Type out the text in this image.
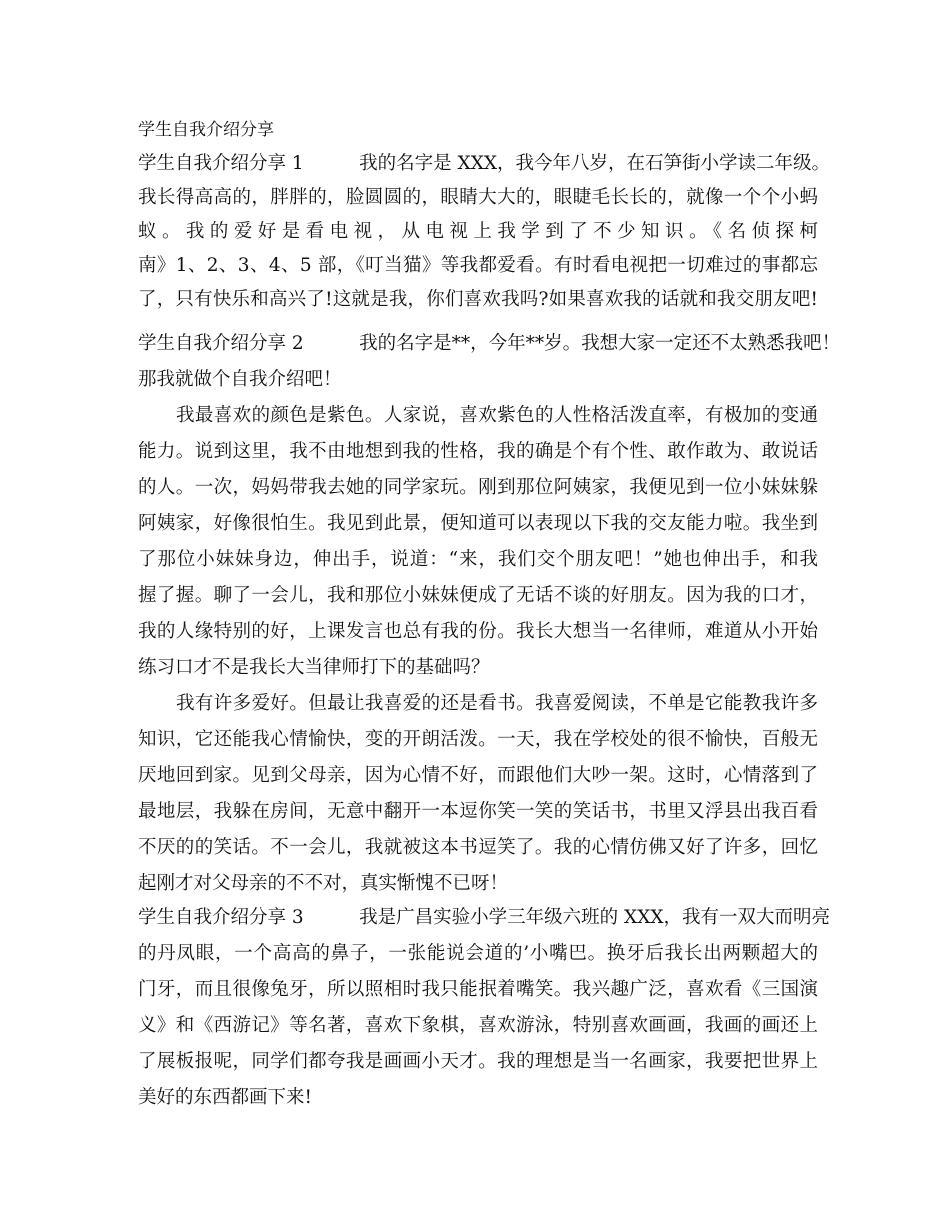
学生自我介绍分享
学生自我介绍分享 1　　　我的名字是 XXX，我今年八岁，在石笋街小学读二年级。
我长得高高的，胖胖的，脸圆圆的，眼睛大大的，眼睫毛长长的，就像一个个小蚂
蚁。我的爱好是看电视，从电视上我学到了不少知识。《名侦探柯
南》1、2、3、4、5 部，《叮当猫》等我都爱看。有时看电视把一切难过的事都忘
了，只有快乐和高兴了!这就是我，你们喜欢我吗?如果喜欢我的话就和我交朋友吧!
学生自我介绍分享 2　　　我的名字是**，今年**岁。我想大家一定还不太熟悉我吧！
那我就做个自我介绍吧！
我最喜欢的颜色是紫色。人家说，喜欢紫色的人性格活泼直率，有极加的变通
能力。说到这里，我不由地想到我的性格，我的确是个有个性、敢作敢为、敢说话
的人。一次，妈妈带我去她的同学家玩。刚到那位阿姨家，我便见到一位小妹妹躲
阿姨家，好像很怕生。我见到此景，便知道可以表现以下我的交友能力啦。我坐到
了那位小妹妹身边，伸出手，说道：“来，我们交个朋友吧！”她也伸出手，和我
握了握。聊了一会儿，我和那位小妹妹便成了无话不谈的好朋友。因为我的口才，
我的人缘特别的好，上课发言也总有我的份。我长大想当一名律师，难道从小开始
练习口才不是我长大当律师打下的基础吗？
我有许多爱好。但最让我喜爱的还是看书。我喜爱阅读，不单是它能教我许多
知识，它还能我心情愉快，变的开朗活泼。一天，我在学校处的很不愉快，百般无
厌地回到家。见到父母亲，因为心情不好，而跟他们大吵一架。这时，心情落到了
最地层，我躲在房间，无意中翻开一本逗你笑一笑的笑话书，书里又浮县出我百看
不厌的的笑话。不一会儿，我就被这本书逗笑了。我的心情仿佛又好了许多，回忆
起刚才对父母亲的不不对，真实惭愧不已呀！
学生自我介绍分享 3　　　我是广昌实验小学三年级六班的 XXX，我有一双大而明亮
的丹凤眼，一个高高的鼻子，一张能说会道的’小嘴巴。换牙后我长出两颗超大的
门牙，而且很像兔牙，所以照相时我只能抿着嘴笑。我兴趣广泛，喜欢看《三国演
义》和《西游记》等名著，喜欢下象棋，喜欢游泳，特别喜欢画画，我画的画还上
了展板报呢，同学们都夸我是画画小天才。我的理想是当一名画家，我要把世界上
美好的东西都画下来!
